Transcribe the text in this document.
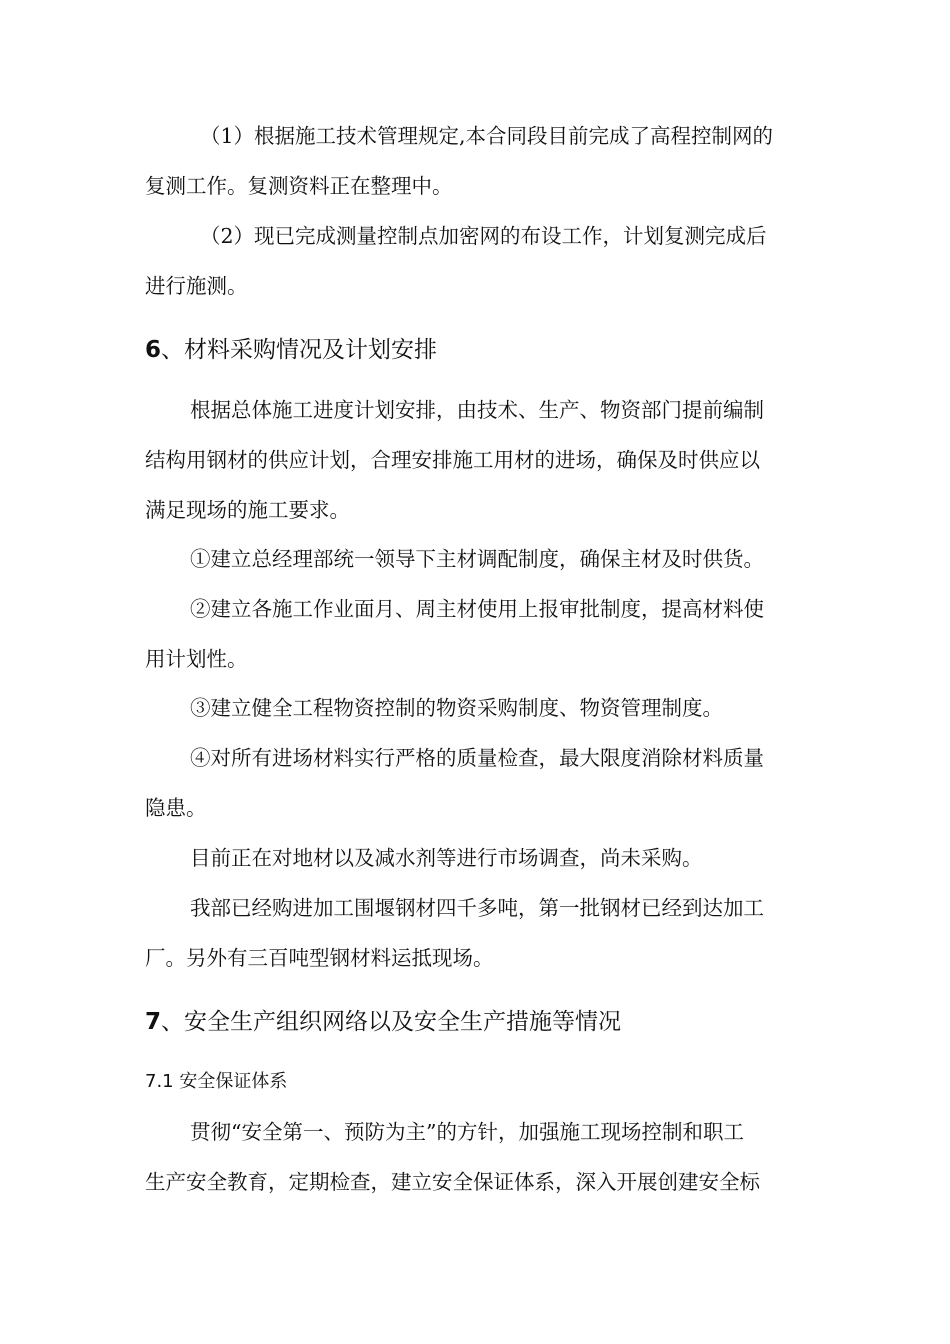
（1）根据施工技术管理规定,本合同段目前完成了高程控制网的
复测工作。复测资料正在整理中。
（2）现已完成测量控制点加密网的布设工作，计划复测完成后
进行施测。
6、材料采购情况及计划安排
根据总体施工进度计划安排，由技术、生产、物资部门提前编制
结构用钢材的供应计划，合理安排施工用材的进场，确保及时供应以
满足现场的施工要求。
①建立总经理部统一领导下主材调配制度，确保主材及时供货。
②建立各施工作业面月、周主材使用上报审批制度，提高材料使
用计划性。
③建立健全工程物资控制的物资采购制度、物资管理制度。
④对所有进场材料实行严格的质量检查，最大限度消除材料质量
隐患。
目前正在对地材以及减水剂等进行市场调查，尚未采购。
我部已经购进加工围堰钢材四千多吨，第一批钢材已经到达加工
厂。另外有三百吨型钢材料运抵现场。
7、安全生产组织网络以及安全生产措施等情况
7.1 安全保证体系
贯彻“安全第一、预防为主”的方针，加强施工现场控制和职工
生产安全教育，定期检查，建立安全保证体系，深入开展创建安全标
